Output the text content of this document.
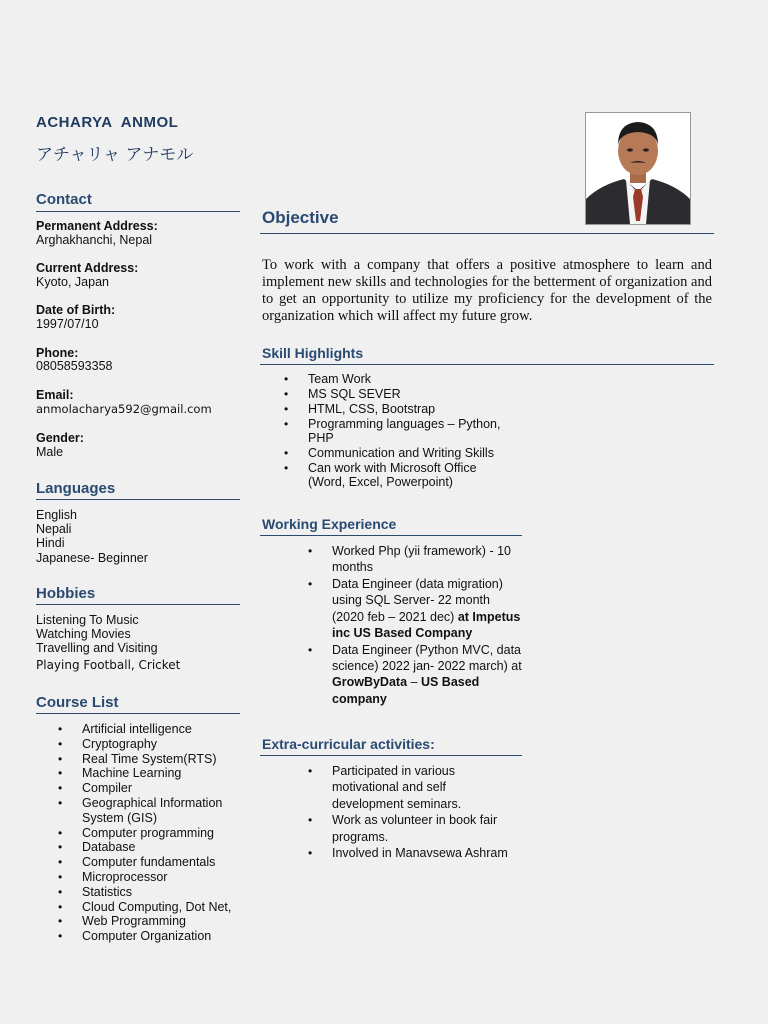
ACHARYA  ANMOL
アチャリャ アナモル
Contact
Permanent Address:
Arghakhanchi, Nepal
Current Address:
Kyoto, Japan
Date of Birth:
1997/07/10
Phone:
08058593358
Email:
anmolacharya592@gmail.com
Gender:
Male
Languages
English
Nepali
Hindi
Japanese- Beginner
Hobbies
Listening To Music
Watching Movies
Travelling and Visiting
Playing Football, Cricket
Course List
• Artificial intelligence
• Cryptography
• Real Time System(RTS)
• Machine Learning
• Compiler
• Geographical Information System (GIS)
• Computer programming
• Database
• Computer fundamentals
• Microprocessor
• Statistics
• Cloud Computing, Dot Net,
• Web Programming
• Computer Organization
Objective
To work with a company that offers a positive atmosphere to learn and implement new skills and technologies for the betterment of organization and to get an opportunity to utilize my proficiency for the development of the organization which will affect my future grow.
Skill Highlights
• Team Work
• MS SQL SEVER
• HTML, CSS, Bootstrap
• Programming languages – Python, PHP
• Communication and Writing Skills
• Can work with Microsoft Office (Word, Excel, Powerpoint)
Working Experience
• Worked Php (yii framework) - 10 months
• Data Engineer (data migration) using SQL Server- 22 month (2020 feb – 2021 dec) at Impetus inc US Based Company
• Data Engineer (Python MVC, data science) 2022 jan- 2022 march) at GrowByData – US Based company
Extra-curricular activities:
• Participated in various motivational and self development seminars.
• Work as volunteer in book fair programs.
• Involved in Manavsewa Ashram
